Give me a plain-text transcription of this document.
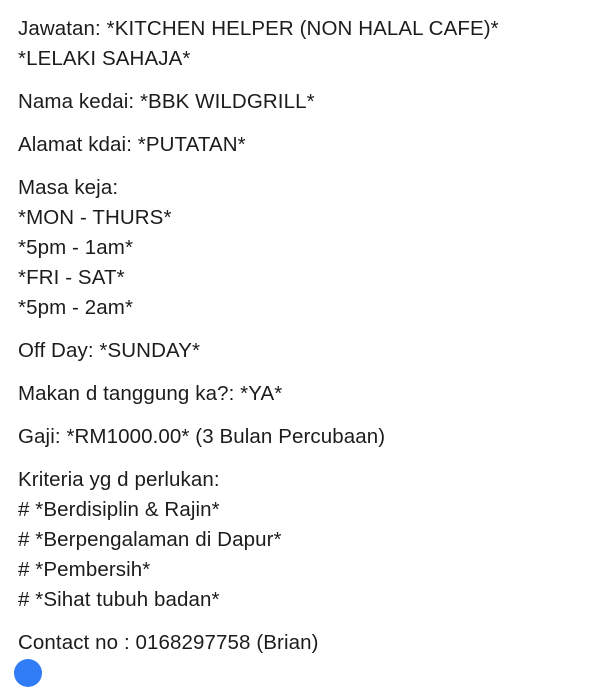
Jawatan: *KITCHEN HELPER (NON HALAL CAFE)*
*LELAKI SAHAJA*
Nama kedai: *BBK WILDGRILL*
Alamat kdai: *PUTATAN*
Masa keja:
*MON - THURS*
*5pm - 1am*
*FRI - SAT*
*5pm - 2am*
Off Day: *SUNDAY*
Makan d tanggung ka?: *YA*
Gaji: *RM1000.00* (3 Bulan Percubaan)
Kriteria yg d perlukan:
# *Berdisiplin & Rajin*
# *Berpengalaman di Dapur*
# *Pembersih*
# *Sihat tubuh badan*
Contact no : 0168297758 (Brian)
